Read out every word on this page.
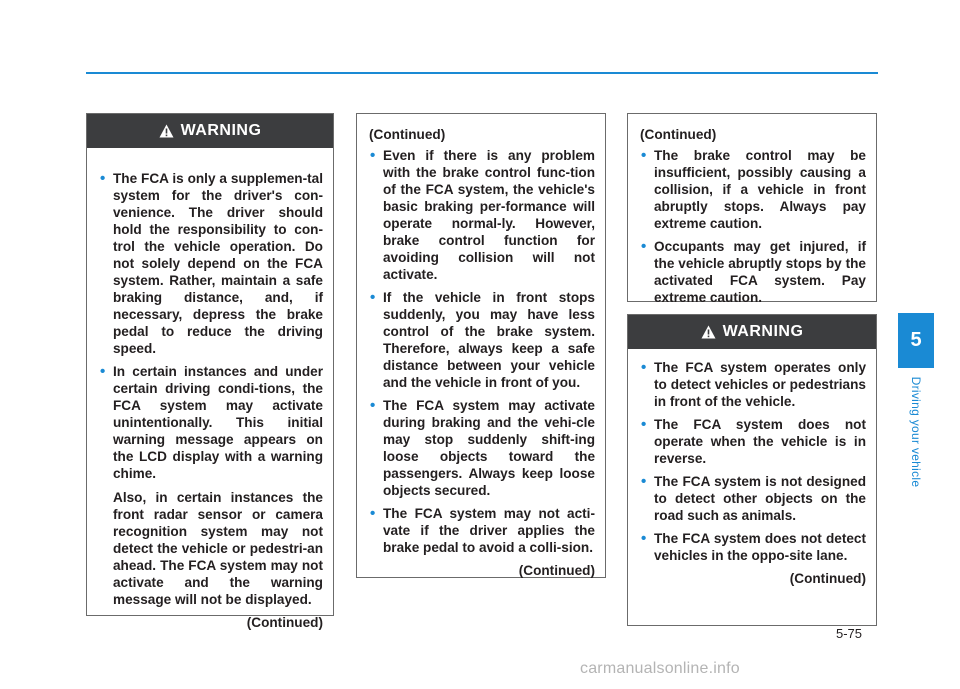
WARNING
• The FCA is only a supplemen-tal system for the driver's con-venience. The driver should hold the responsibility to con-trol the vehicle operation. Do not solely depend on the FCA system. Rather, maintain a safe braking distance, and, if necessary, depress the brake pedal to reduce the driving speed.

• In certain instances and under certain driving condi-tions, the FCA system may activate unintentionally. This initial warning message appears on the LCD display with a warning chime.

Also, in certain instances the front radar sensor or camera recognition system may not detect the vehicle or pedestri-an ahead. The FCA system may not activate and the warning message will not be displayed.

(Continued)
(Continued)
• Even if there is any problem with the brake control func-tion of the FCA system, the vehicle's basic braking per-formance will operate normal-ly. However, brake control function for avoiding collision will not activate.

• If the vehicle in front stops suddenly, you may have less control of the brake system. Therefore, always keep a safe distance between your vehicle and the vehicle in front of you.

• The FCA system may activate during braking and the vehi-cle may stop suddenly shift-ing loose objects toward the passengers. Always keep loose objects secured.

• The FCA system may not acti-vate if the driver applies the brake pedal to avoid a colli-sion.

(Continued)
(Continued)
• The brake control may be insufficient, possibly causing a collision, if a vehicle in front abruptly stops. Always pay extreme caution.

• Occupants may get injured, if the vehicle abruptly stops by the activated FCA system. Pay extreme caution.

WARNING
• The FCA system operates only to detect vehicles or pedestrians in front of the vehicle.

• The FCA system does not operate when the vehicle is in reverse.

• The FCA system is not designed to detect other objects on the road such as animals.

• The FCA system does not detect vehicles in the oppo-site lane.

(Continued)
5
Driving your vehicle
5-75
carmanualsonline.info
